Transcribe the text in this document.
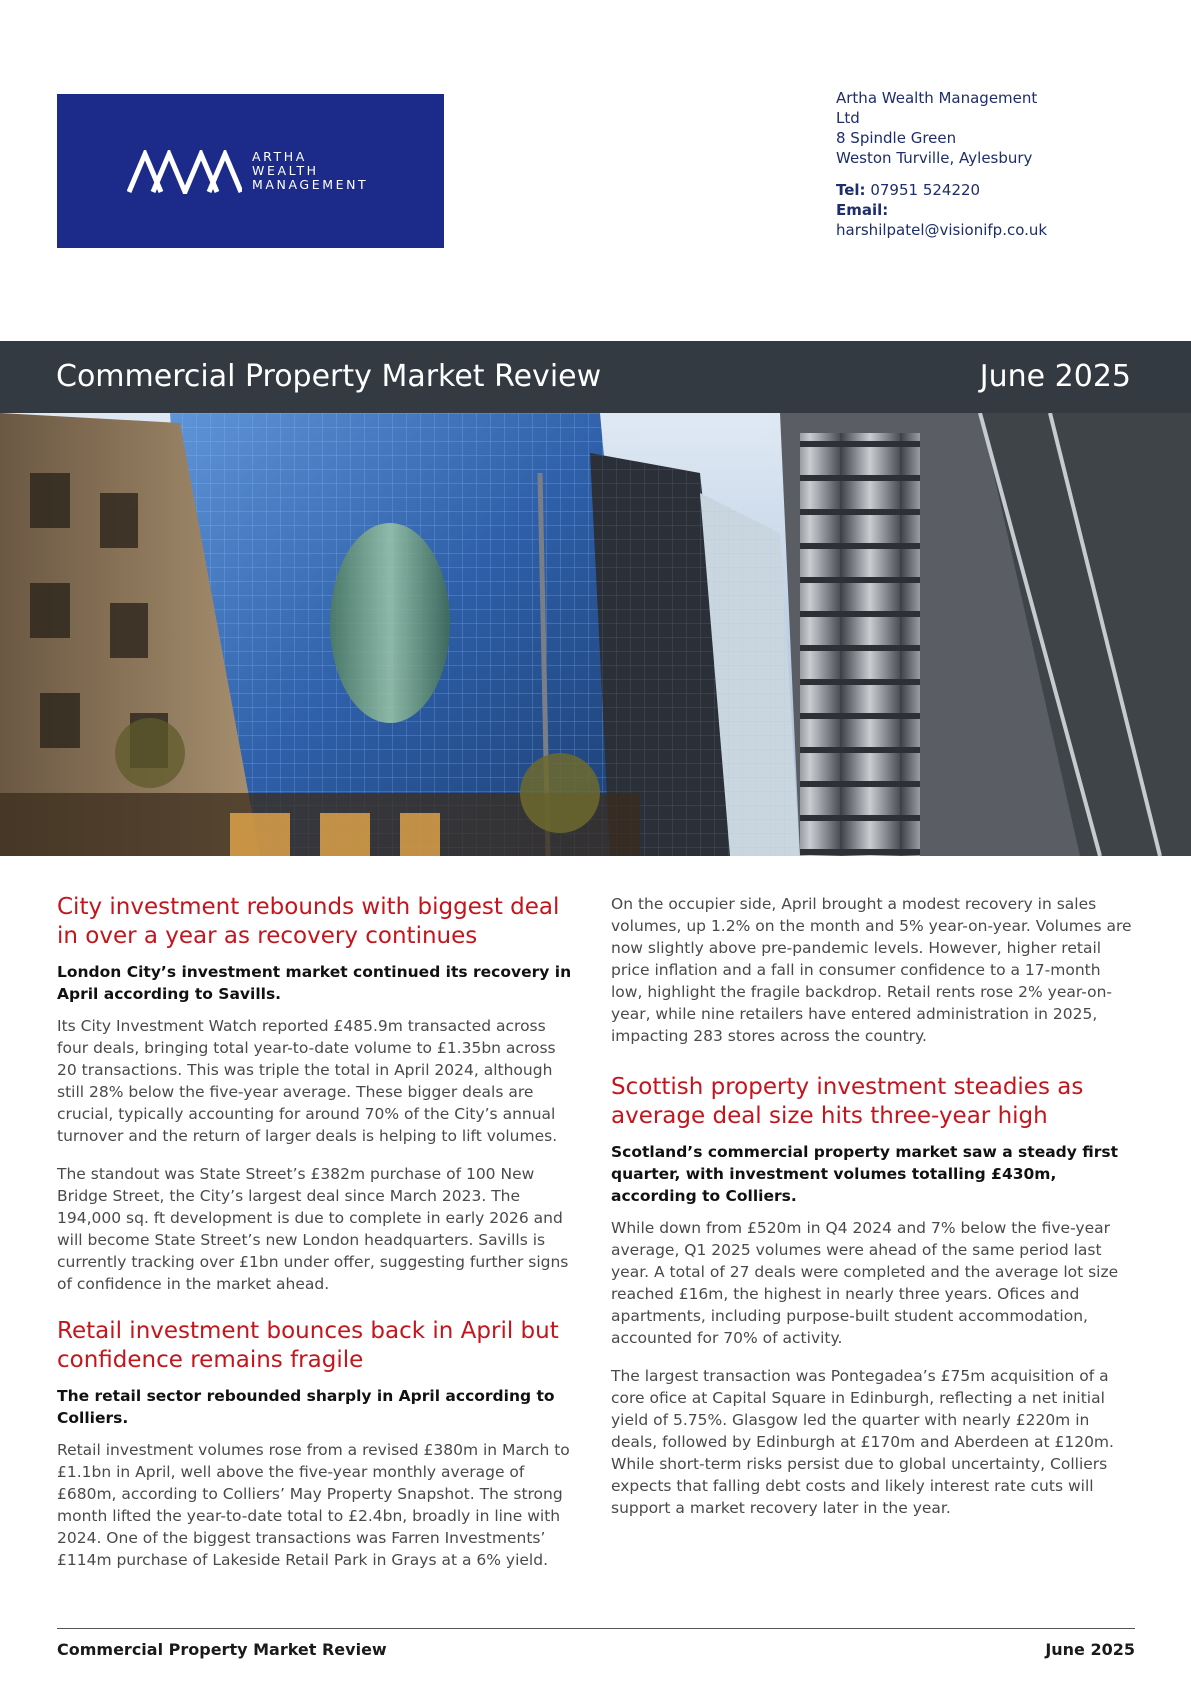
ARTHA
WEALTH
MANAGEMENT
Artha Wealth Management
Ltd
8 Spindle Green
Weston Turville, Aylesbury
Tel: 07951 524220
Email:
harshilpatel@visionifp.co.uk
Commercial Property Market Review	June 2025
City investment rebounds with biggest deal in over a year as recovery continues
London City’s investment market continued its recovery in April according to Savills.

Its City Investment Watch reported £485.9m transacted across four deals, bringing total year-to-date volume to £1.35bn across 20 transactions. This was triple the total in April 2024, although still 28% below the five-year average. These bigger deals are crucial, typically accounting for around 70% of the City’s annual turnover and the return of larger deals is helping to lift volumes.

The standout was State Street’s £382m purchase of 100 New Bridge Street, the City’s largest deal since March 2023. The 194,000 sq. ft development is due to complete in early 2026 and will become State Street’s new London headquarters. Savills is currently tracking over £1bn under offer, suggesting further signs of confidence in the market ahead.

Retail investment bounces back in April but confidence remains fragile
The retail sector rebounded sharply in April according to Colliers.

Retail investment volumes rose from a revised £380m in March to £1.1bn in April, well above the five-year monthly average of £680m, according to Colliers’ May Property Snapshot. The strong month lifted the year-to-date total to £2.4bn, broadly in line with 2024. One of the biggest transactions was Farren Investments’ £114m purchase of Lakeside Retail Park in Grays at a 6% yield.

On the occupier side, April brought a modest recovery in sales volumes, up 1.2% on the month and 5% year-on-year. Volumes are now slightly above pre-pandemic levels. However, higher retail price inflation and a fall in consumer confidence to a 17-month low, highlight the fragile backdrop. Retail rents rose 2% year-on-year, while nine retailers have entered administration in 2025, impacting 283 stores across the country.

Scottish property investment steadies as average deal size hits three-year high
Scotland’s commercial property market saw a steady first quarter, with investment volumes totalling £430m, according to Colliers.

While down from £520m in Q4 2024 and 7% below the five-year average, Q1 2025 volumes were ahead of the same period last year. A total of 27 deals were completed and the average lot size reached £16m, the highest in nearly three years. Ofices and apartments, including purpose-built student accommodation, accounted for 70% of activity.

The largest transaction was Pontegadea’s £75m acquisition of a core ofice at Capital Square in Edinburgh, reflecting a net initial yield of 5.75%. Glasgow led the quarter with nearly £220m in deals, followed by Edinburgh at £170m and Aberdeen at £120m. While short-term risks persist due to global uncertainty, Colliers expects that falling debt costs and likely interest rate cuts will support a market recovery later in the year.

Commercial Property Market Review	June 2025
